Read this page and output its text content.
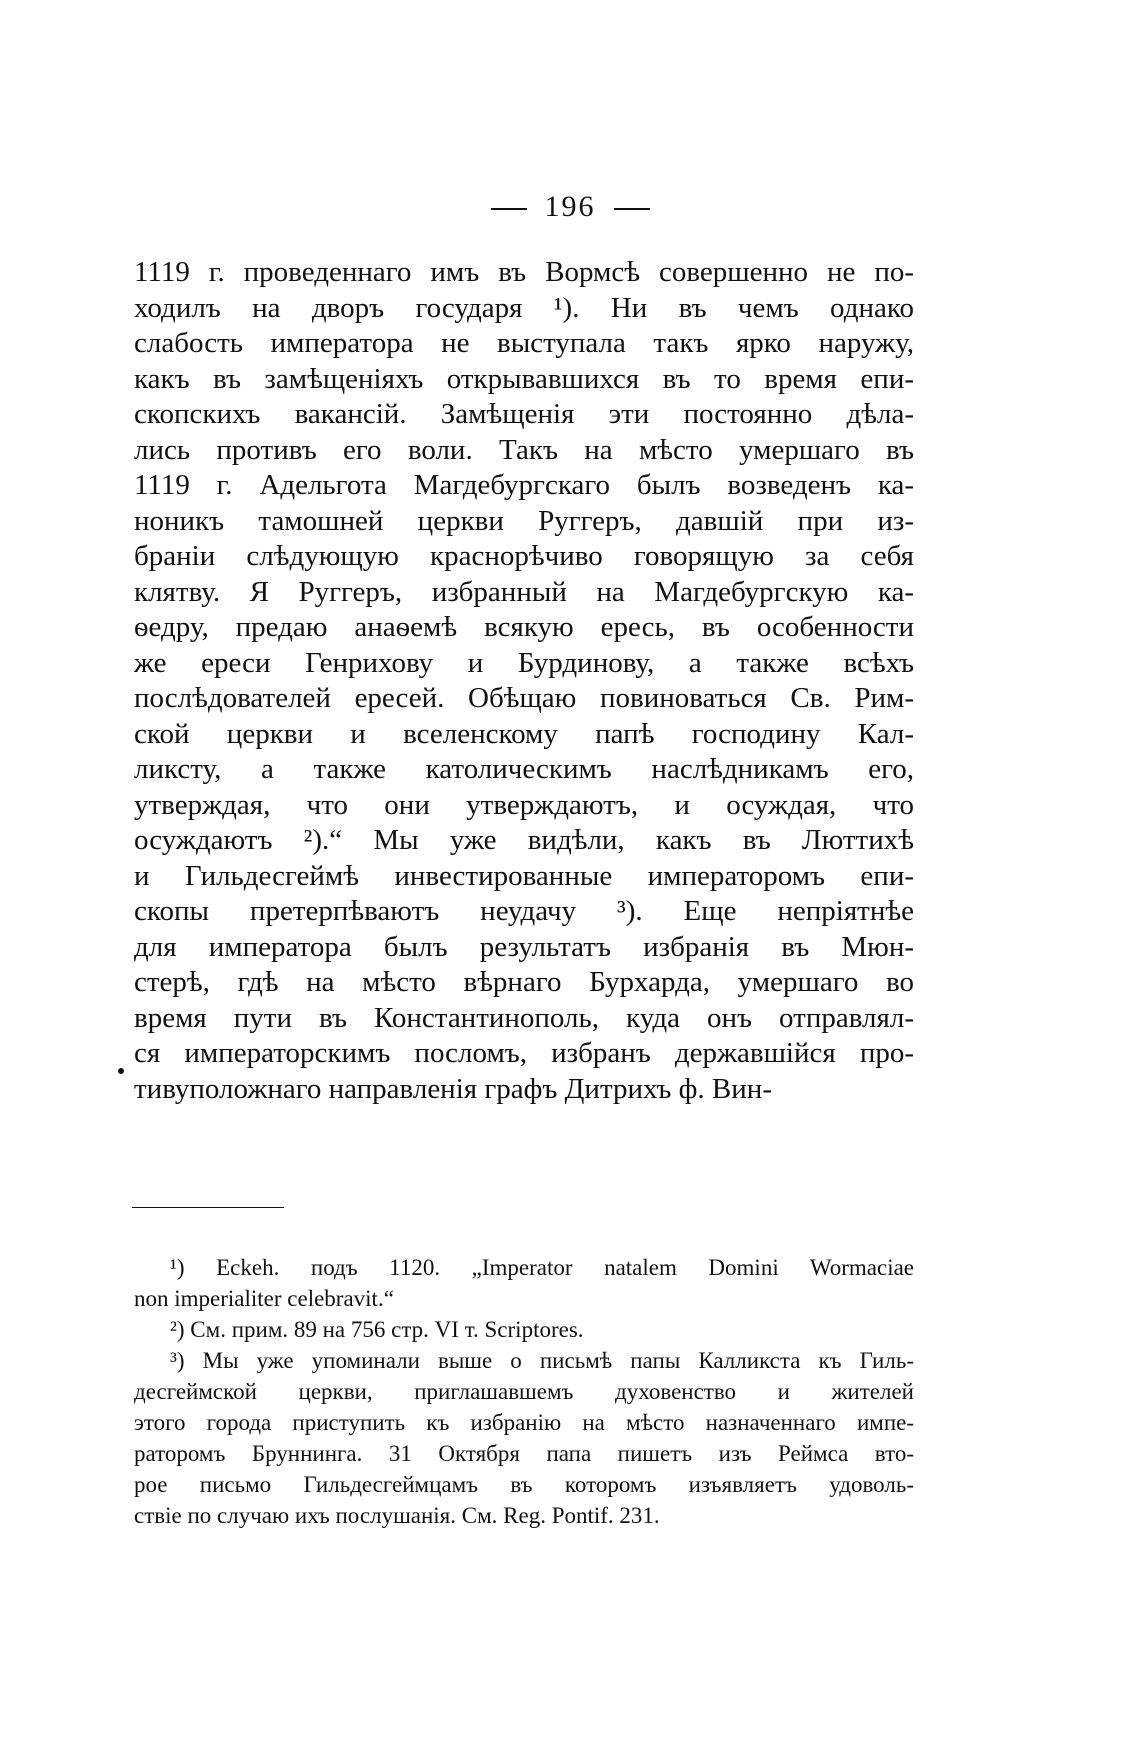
196
1119 г. проведеннаго имъ въ Вормсѣ совершенно не по-
ходилъ на дворъ государя ¹). Ни въ чемъ однако
слабость императора не выступала такъ ярко наружу,
какъ въ замѣщеніяхъ открывавшихся въ то время епи-
скопскихъ вакансій. Замѣщенія эти постоянно дѣла-
лись противъ его воли. Такъ на мѣсто умершаго въ
1119 г. Адельгота Магдебургскаго былъ возведенъ ка-
ноникъ тамошней церкви Руггеръ, давшій при из-
браніи слѣдующую краснорѣчиво говорящую за себя
клятву. Я Руггеръ, избранный на Магдебургскую ка-
ѳедру, предаю анаѳемѣ всякую ересь, въ особенности
же ереси Генрихову и Бурдинову, а также всѣхъ
послѣдователей ересей. Обѣщаю повиноваться Св. Рим-
ской церкви и вселенскому папѣ господину Кал-
ликсту, а также католическимъ наслѣдникамъ его,
утверждая, что они утверждаютъ, и осуждая, что
осуждаютъ ²).“ Мы уже видѣли, какъ въ Люттихѣ
и Гильдесгеймѣ инвестированные императоромъ епи-
скопы претерпѣваютъ неудачу ³). Еще непріятнѣе
для императора былъ результатъ избранія въ Мюн-
стерѣ, гдѣ на мѣсто вѣрнаго Бурхарда, умершаго во
время пути въ Константинополь, куда онъ отправлял-
ся императорскимъ посломъ, избранъ державшійся про-
тивуположнаго направленія графъ Дитрихъ ф. Вин-
¹) Eckeh. подъ 1120. „Imperator natalem Domini Wormaciae
non imperialiter celebravit.“
²) См. прим. 89 на 756 стр. VI т. Scriptores.
³) Мы уже упоминали выше о письмѣ папы Калликста къ Гиль-
десгеймской церкви, приглашавшемъ духовенство и жителей
этого города приступить къ избранію на мѣсто назначеннаго импе-
раторомъ Бруннинга. 31 Октября папа пишетъ изъ Реймса вто-
рое письмо Гильдесгеймцамъ въ которомъ изъявляетъ удоволь-
ствіе по случаю ихъ послушанія. См. Reg. Pontif. 231.
